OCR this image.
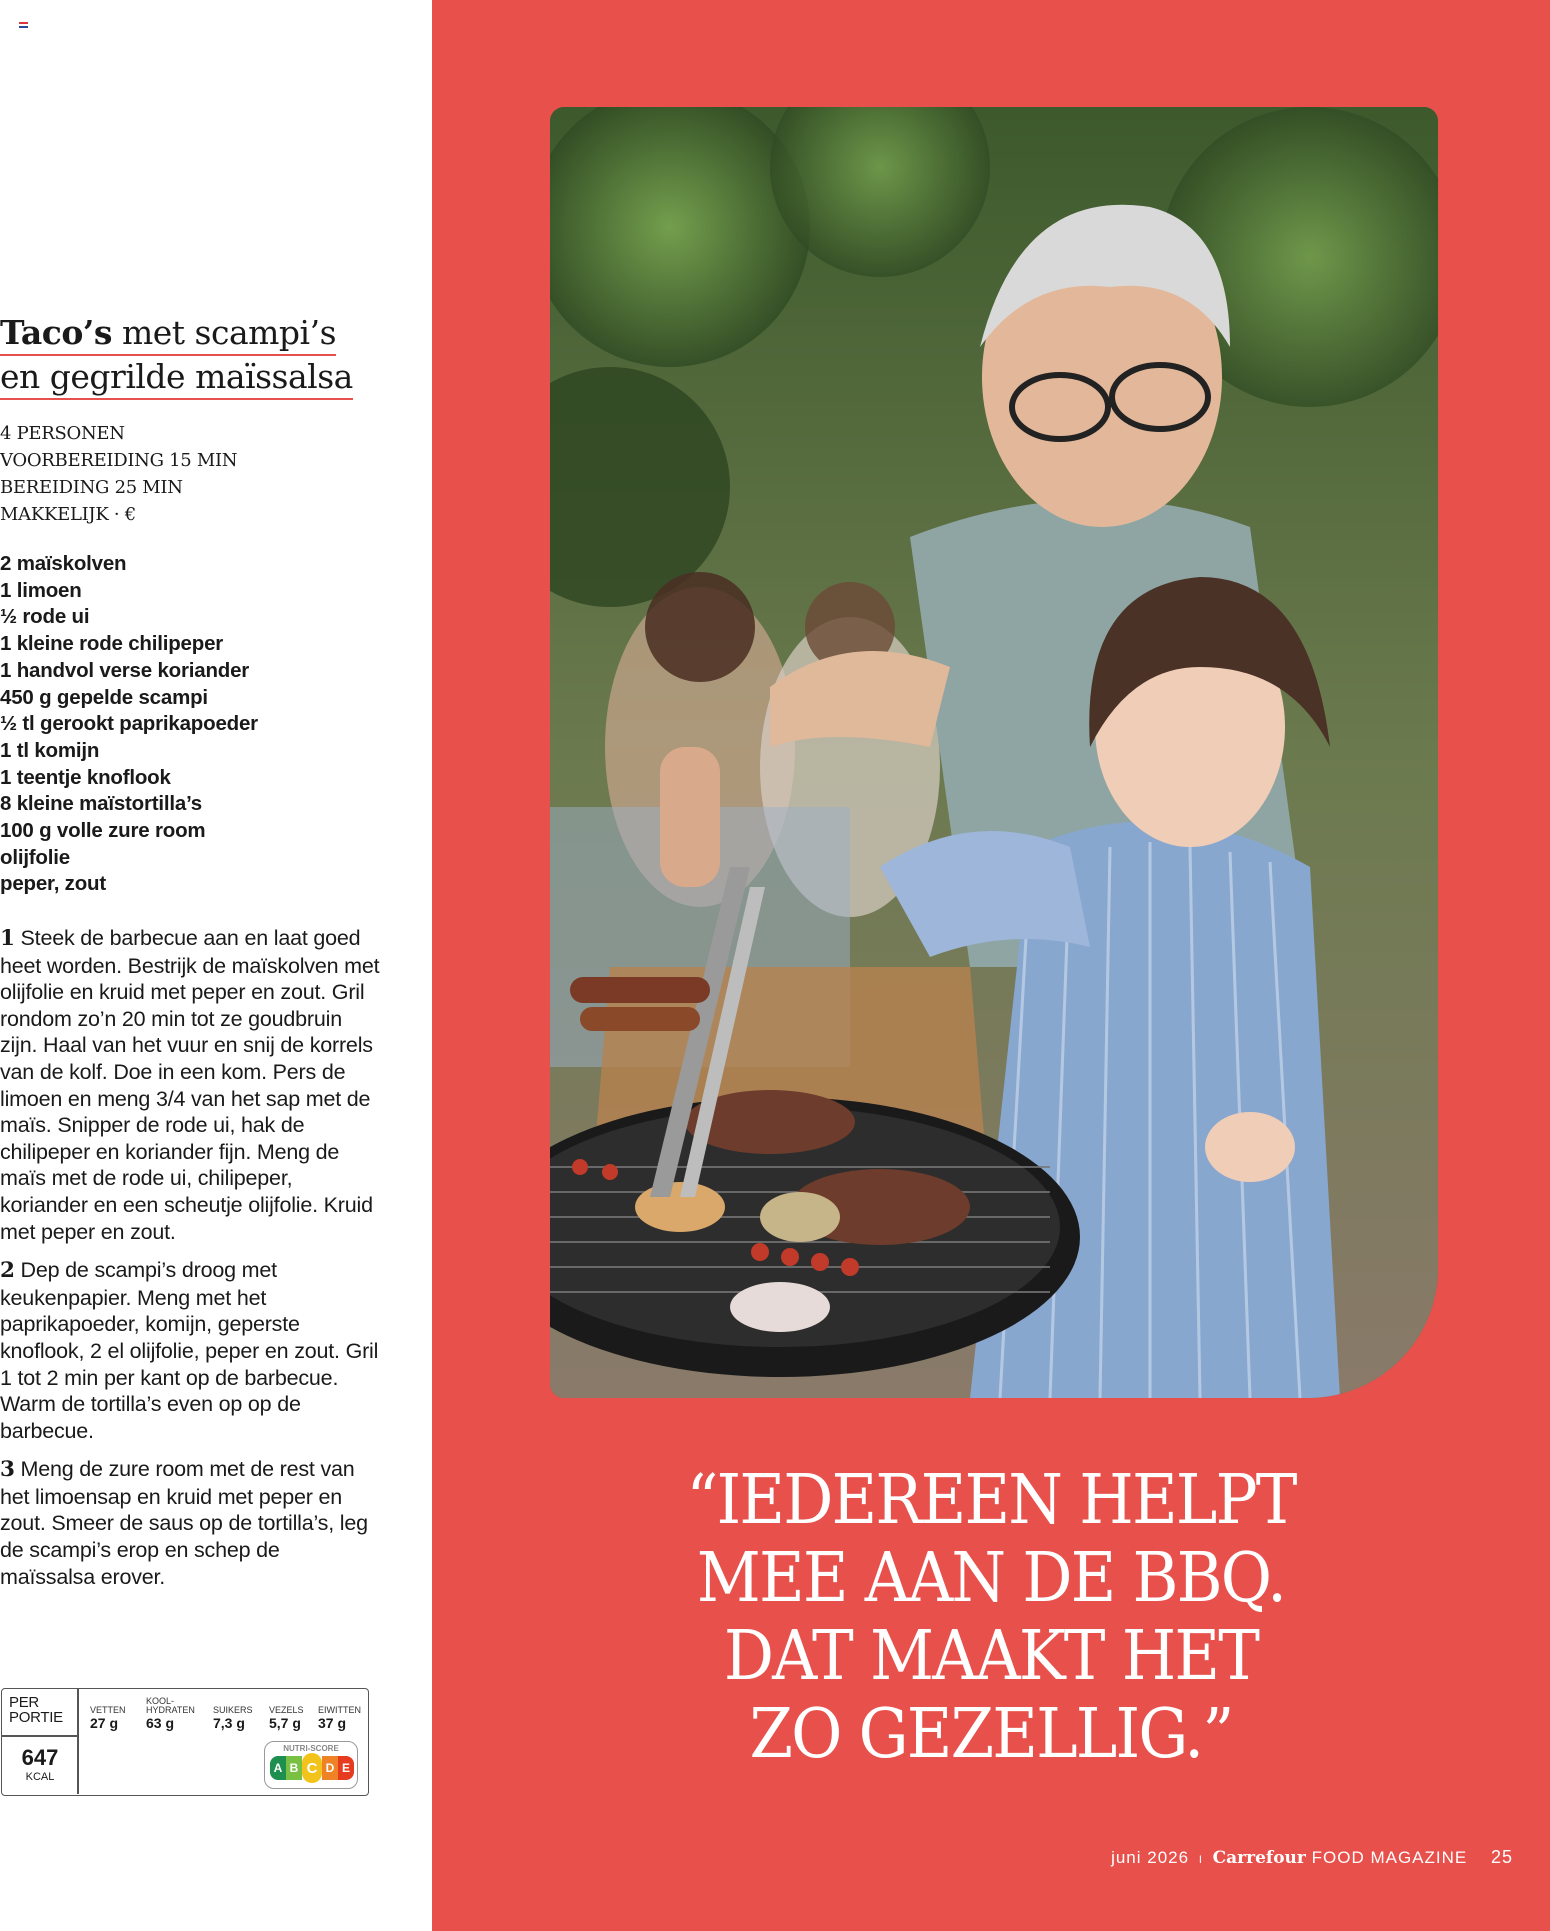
Taco’s met scampi’s
en gegrilde maïssalsa
4 PERSONEN
VOORBEREIDING 15 MIN
BEREIDING 25 MIN
MAKKELIJK · €
2 maïskolven
1 limoen
½ rode ui
1 kleine rode chilipeper
1 handvol verse koriander
450 g gepelde scampi
½ tl gerookt paprikapoeder
1 tl komijn
1 teentje knoflook
8 kleine maïstortilla’s
100 g volle zure room
olijfolie
peper, zout
1 Steek de barbecue aan en laat goed heet worden. Bestrijk de maïskolven met olijfolie en kruid met peper en zout. Gril rondom zo’n 20 min tot ze goudbruin zijn. Haal van het vuur en snij de korrels van de kolf. Doe in een kom. Pers de limoen en meng 3/4 van het sap met de maïs. Snipper de rode ui, hak de chilipeper en koriander fijn. Meng de maïs met de rode ui, chilipeper, koriander en een scheutje olijfolie. Kruid met peper en zout.
2 Dep de scampi’s droog met keukenpapier. Meng met het paprikapoeder, komijn, geperste knoflook, 2 el olijfolie, peper en zout. Gril 1 tot 2 min per kant op de barbecue. Warm de tortilla’s even op op de barbecue.
3 Meng de zure room met de rest van het limoensap en kruid met peper en zout. Smeer de saus op de tortilla’s, leg de scampi’s erop en schep de maïssalsa erover.
PER
PORTIE
647
KCAL
VETTEN
27 g
KOOL-
HYDRATEN
63 g
SUIKERS
7,3 g
VEZELS
5,7 g
EIWITTEN
37 g
NUTRI-SCORE
A B C D E
“IEDEREEN HELPT
MEE AAN DE BBQ.
DAT MAAKT HET
ZO GEZELLIG.”
juni 2026 I Carrefour FOOD MAGAZINE 25
